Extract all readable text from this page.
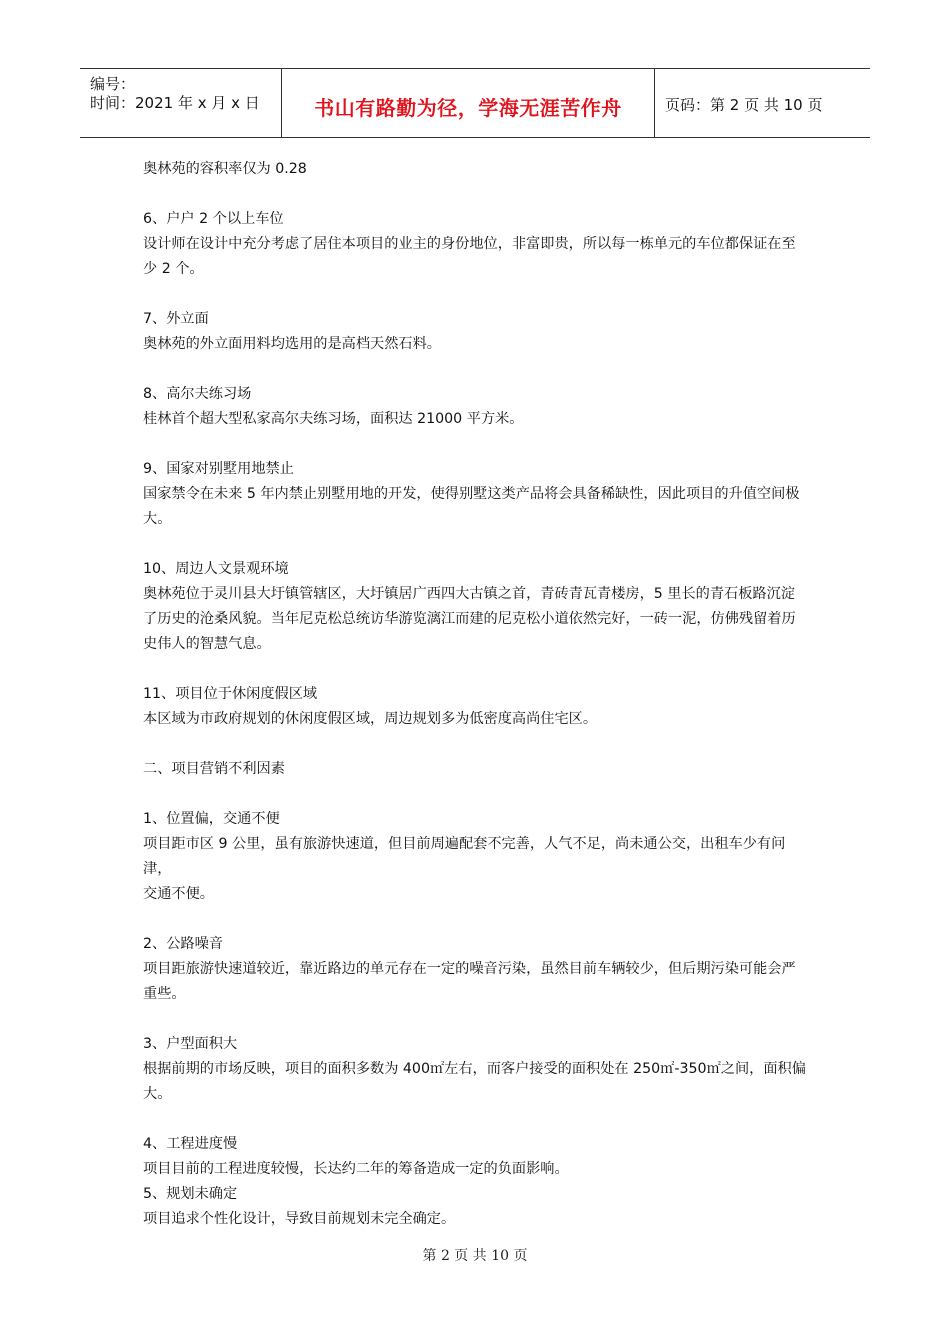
编号：
时间：2021 年 x 月 x 日	书山有路勤为径，学海无涯苦作舟	页码：第 2 页 共 10 页

奥林苑的容积率仅为 0.28

6、户户 2 个以上车位

设计师在设计中充分考虑了居住本项目的业主的身份地位，非富即贵，所以每一栋单元的车位都保证在至

少 2 个。

7、外立面

奥林苑的外立面用料均选用的是高档天然石料。

8、高尔夫练习场

桂林首个超大型私家高尔夫练习场，面积达 21000 平方米。

9、国家对别墅用地禁止

国家禁令在未来 5 年内禁止别墅用地的开发，使得别墅这类产品将会具备稀缺性，因此项目的升值空间极

大。

10、周边人文景观环境

奥林苑位于灵川县大圩镇管辖区，大圩镇居广西四大古镇之首，青砖青瓦青楼房，5 里长的青石板路沉淀

了历史的沧桑风貌。当年尼克松总统访华游览漓江而建的尼克松小道依然完好，一砖一泥，仿佛残留着历

史伟人的智慧气息。

11、项目位于休闲度假区域

本区域为市政府规划的休闲度假区域，周边规划多为低密度高尚住宅区。

二、项目营销不利因素

1、位置偏，交通不便

项目距市区 9 公里，虽有旅游快速道，但目前周遍配套不完善，人气不足，尚未通公交，出租车少有问津，

交通不便。

2、公路噪音

项目距旅游快速道较近，靠近路边的单元存在一定的噪音污染，虽然目前车辆较少，但后期污染可能会严

重些。

3、户型面积大

根据前期的市场反映，项目的面积多数为 400㎡左右，而客户接受的面积处在 250㎡-350㎡之间，面积偏

大。

4、工程进度慢

项目目前的工程进度较慢，长达约二年的筹备造成一定的负面影响。

5、规划未确定

项目追求个性化设计，导致目前规划未完全确定。

第 2 页 共 10 页
